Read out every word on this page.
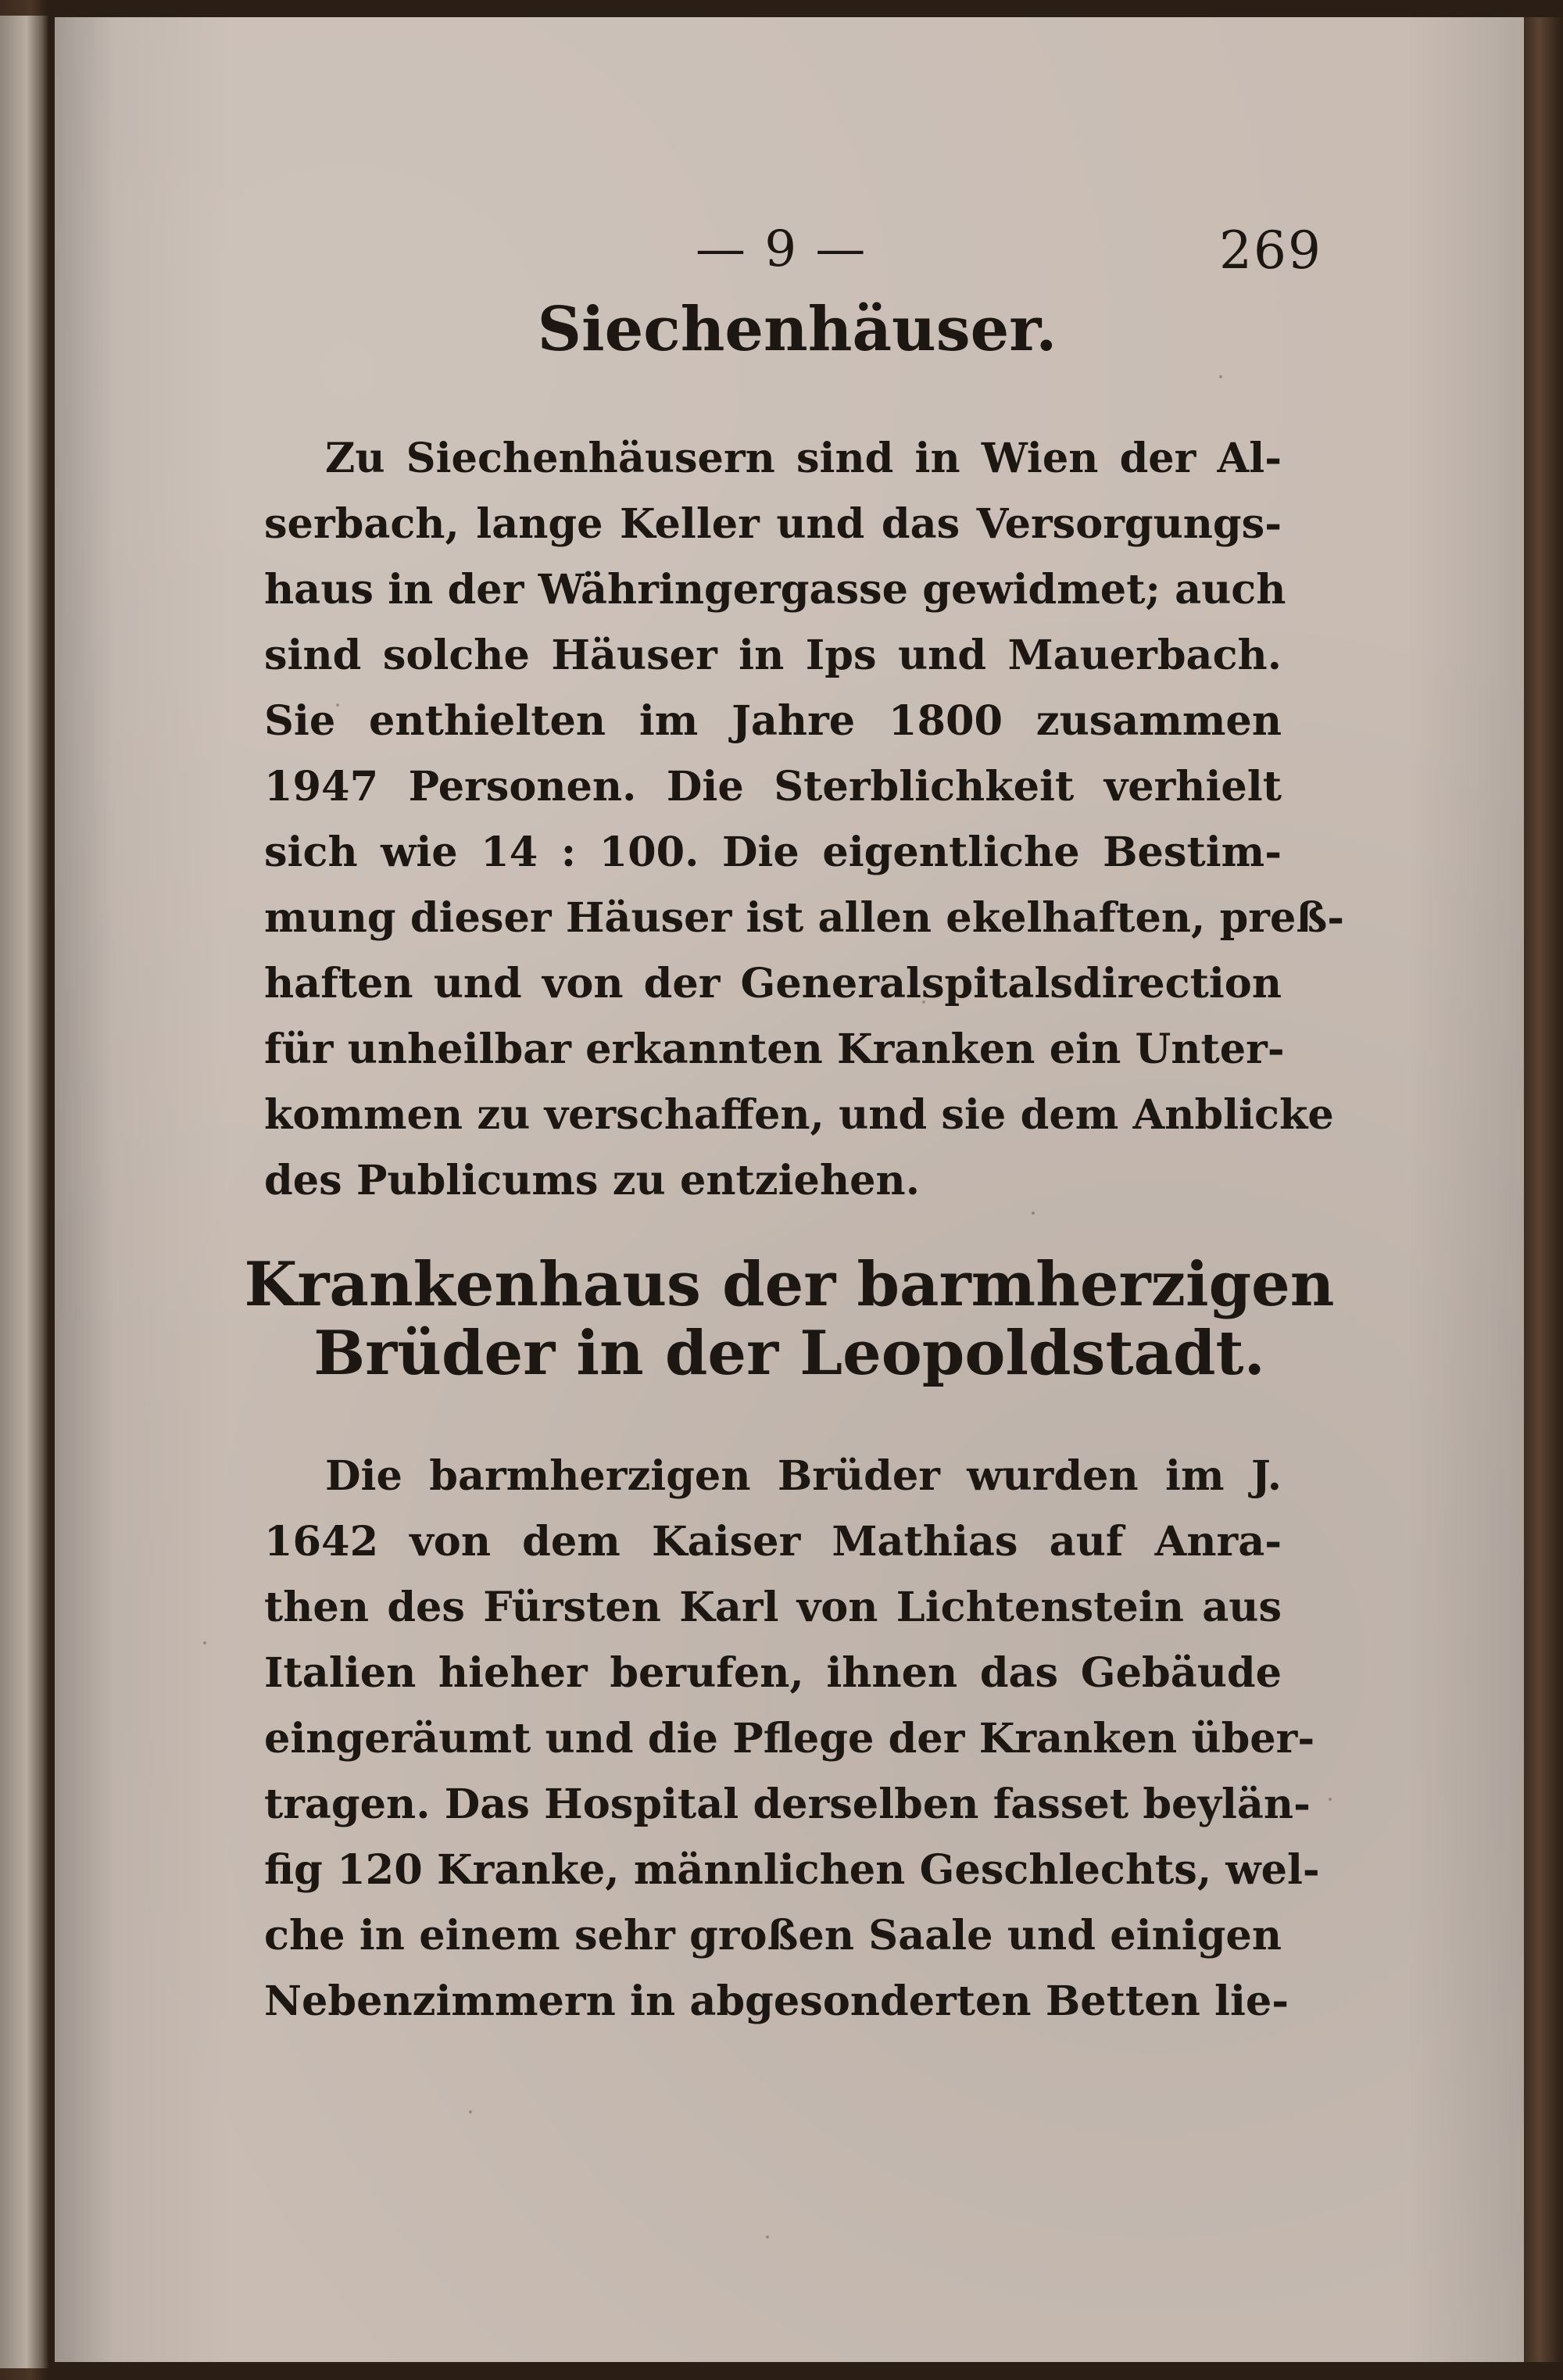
— 9 —	269
Siechenhäuser.
Zu Siechenhäusern sind in Wien der Al-
serbach, lange Keller und das Versorgungs-
haus in der Währingergasse gewidmet; auch
sind solche Häuser in Ips und Mauerbach.
Sie enthielten im Jahre 1800 zusammen
1947 Personen. Die Sterblichkeit verhielt
sich wie 14 : 100. Die eigentliche Bestim-
mung dieser Häuser ist allen ekelhaften, preß-
haften und von der Generalspitalsdirection
für unheilbar erkannten Kranken ein Unter-
kommen zu verschaffen, und sie dem Anblicke
des Publicums zu entziehen.
Krankenhaus der barmherzigen
Brüder in der Leopoldstadt.
Die barmherzigen Brüder wurden im J.
1642 von dem Kaiser Mathias auf Anra-
then des Fürsten Karl von Lichtenstein aus
Italien hieher berufen, ihnen das Gebäude
eingeräumt und die Pflege der Kranken über-
tragen. Das Hospital derselben fasset beylän-
fig 120 Kranke, männlichen Geschlechts, wel-
che in einem sehr großen Saale und einigen
Nebenzimmern in abgesonderten Betten lie-
